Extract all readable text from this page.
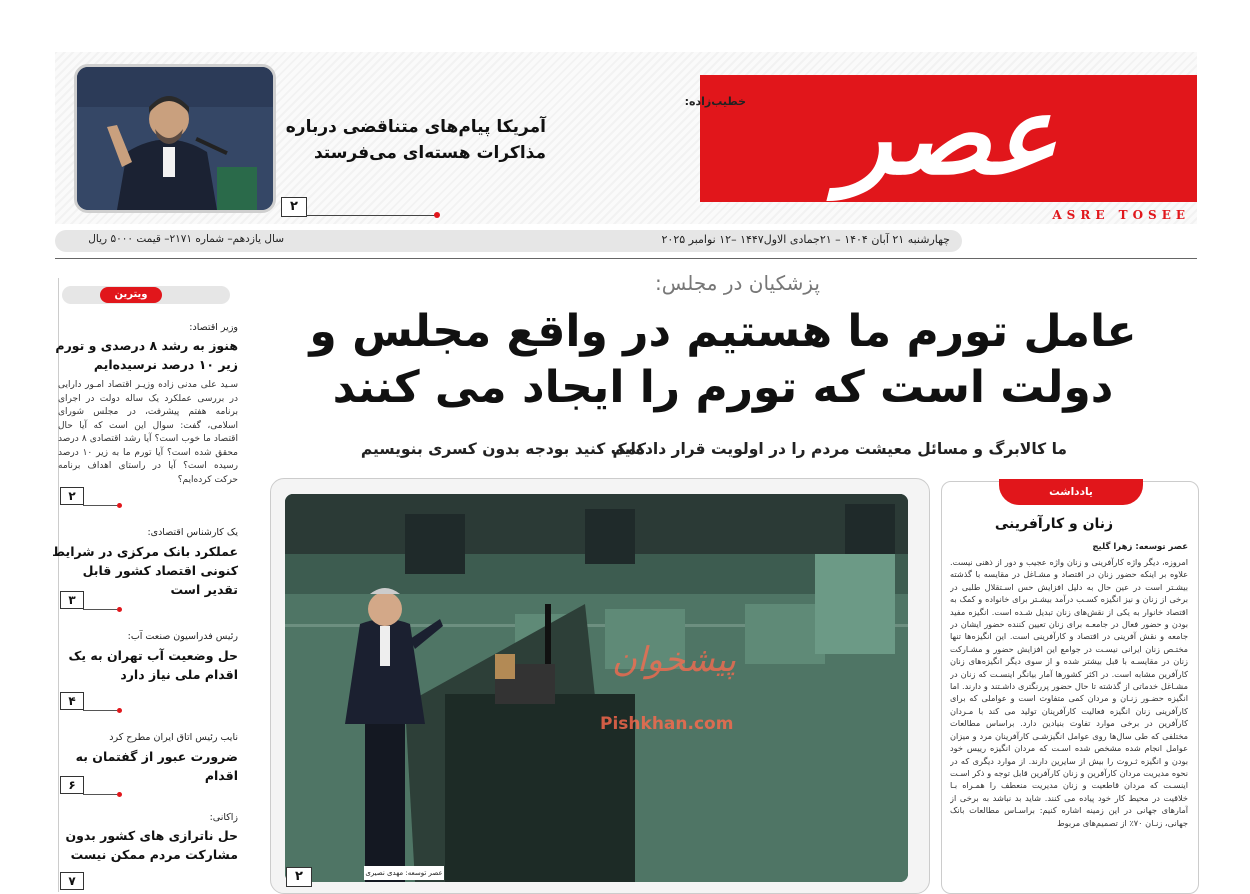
عصر
ASRE TOSEE
خطیب‌زاده:
آمریکا پیام‌های متناقضی درباره مذاکرات هسته‌ای می‌فرستد
۲
چهارشنبه ۲۱ آبان ۱۴۰۴ – ۲۱جمادی الاول۱۴۴۷ –۱۲ نوامبر ۲۰۲۵
سال یازدهم– شماره ۲۱۷۱– قیمت ۵۰۰۰ ریال
پزشکیان در مجلس:
عامل تورم ما هستیم در واقع مجلس و دولت است که تورم را ایجاد می کنند
ما کالابرگ و مسائل معیشت مردم را در اولویت قرار داده‌ایم
کمک کنید بودجه بدون کسری بنویسیم
پیشخوان
Pishkhan.com
عصر توسعه: مهدی نصیری
۲
ویترین
وزیر اقتصاد:
هنوز به رشد ۸ درصدی و تورم زیر ۱۰ درصد نرسیده‌ایم
سـید علی مدنی زاده وزیـر اقتصاد امـور دارایی در بررسی عملکرد یک ساله دولت در اجرای برنامه هفتم پیشرفت، در مجلس شورای اسلامی، گفت: سوال این است که آیا حال اقتصاد ما خوب است؟ آیا رشد اقتصادی ۸ درصد محقق شده است؟ آیا تورم ما به زیر ۱۰ درصد رسیده است؟ آیا در راستای اهداف برنامه حرکت کرده‌ایم؟
۲
یک کارشناس اقتصادی:
عملکرد بانک مرکزی در شرایط کنونی اقتصاد کشور قابل تقدیر است
۳
رئیس فدراسیون صنعت آب:
حل وضعیت آب تهران به یک اقدام ملی نیاز دارد
۴
نایب رئیس اتاق ایران مطرح کرد
ضرورت عبور از گفتمان به اقدام
۶
زاکانی:
حل ناترازی های کشور بدون مشارکت مردم ممکن نیست
۷
یادداشت
زنان و کارآفرینی
عصر توسعه: زهرا گلیج
امروزه، دیگر واژه کارآفرینی و زنان واژه عجیب و دور از ذهنی نیست. علاوه بر اینکه حضور زنان در اقتصاد و مشـاغل در مقایسه با گذشته بیشـتر است در عین حال به دلیل افزایش حس اسـتقلال طلبی در برخی از زنان و نیز انگیزه کسـب درآمد بیشـتر برای خانواده و کمک به اقتصاد خانوار به یکی از نقش‌های زنان تبدیل شـده است. انگیزه مفید بودن و حضور فعال در جامعـه برای زنان تعیین کننده حضور ایشان در جامعه و نقش آفرینی در اقتصاد و کارآفرینی است. این انگیزه‌ها تنها مختـص زنان ایرانی نیسـت در جوامع این افزایش حضور و مشـارکت زنان در مقایسـه با قبل بیشتر شده و از سوی دیگر انگیزه‌های زنان کارآفرین مشابه است. در اکثر کشورها آمار بیانگر اینسـت که زنان در مشـاغل خدماتی از گذشته تا حال حضور پررنگتری داشـتند و دارند. اما انگیزه حضـور زنـان و مردان کمی متفاوت است و عواملی که برای کارآفرینی زنان انگیزه فعالیت کارآفرینان تولید می کند با مـردان کارآفرین در برخی موارد تفاوت بنیادین دارد. براساس مطالعات مختلفی که طی سال‌ها روی عوامل انگیزشـی کارآفرینان مرد و میزان عوامل انجام شده مشخص شده اسـت که مردان انگیزه رییس خود بودن و انگیزه ثـروت را بیش از سایرین دارند. از موارد دیگری که در نحوه مدیریت مردان کارآفرین و زنان کارآفرین قابل توجه و ذکر اسـت اینسـت که مردان قاطعیت و زنان مدیریت منعطف را همـراه بـا خلاقیت در محیط کار خود پیاده می کنند. شاید بد نباشد به برخی از آمارهای جهانی در این زمینه اشاره کنیم: براسـاس مطالعات بانک جهانی، زنـان ۷۰٪ از تصمیم‌های مربوط
